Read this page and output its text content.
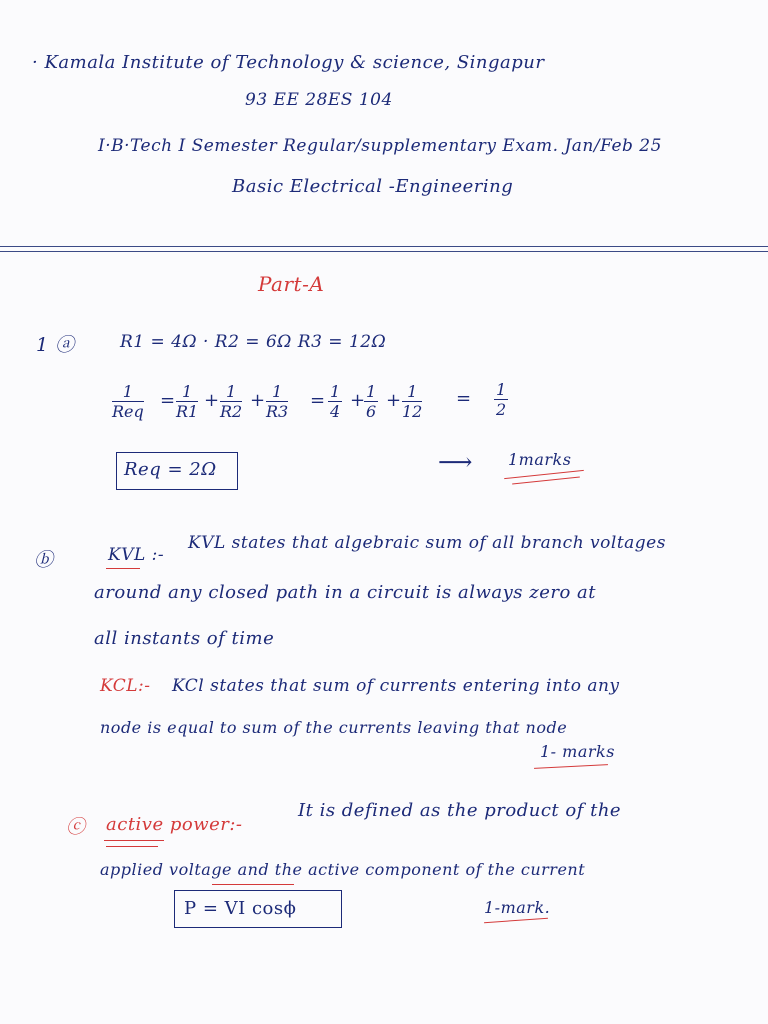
· Kamala Institute of Technology & science, Singapur
93 EE 28ES 104
I·B·Tech I Semester Regular/supplementary Exam. Jan/Feb 25
Basic Electrical -Engineering
Part-A
1 ⓐ	R1 = 4Ω · R2 = 6Ω R3 = 12Ω
1
Req
= $\frac{1}{R1} + \frac{1}{R2} + \frac{1}{R3} = \frac{1}{4}$ +
$\frac{1}{6} + \frac{1}{12} = \frac{1}{2}$
Req = 2Ω	⟶ 1marks
ⓑ	KVL :-
KVL states that algebraic sum of all branch voltages
around any closed path in a circuit is always zero at
all instants of time
KCL:- KCl states that sum of currents entering into any
node is equal to sum of the currents leaving that node
1- marks
ⓒ active power:-
It is defined as the product of the
applied voltage and the active component of the current
P = VI cosϕ	1-mark.
